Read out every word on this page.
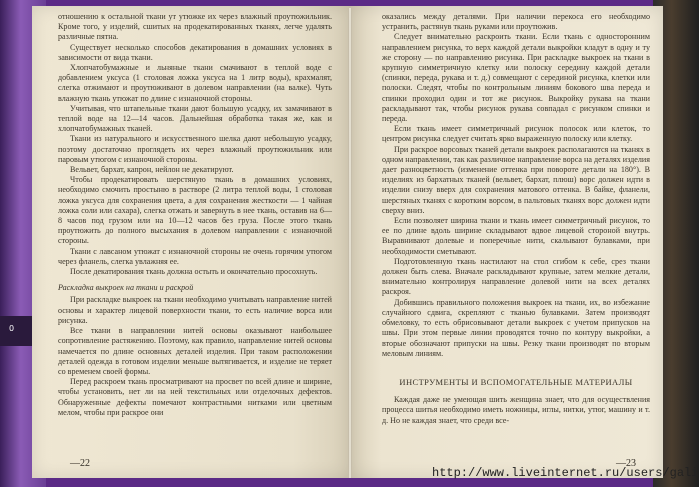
0

отношению к остальной ткани ут утюжке их через влажный проутюжильник. Кроме того, у изделий, сшитых на продекатированных тканях, легче удалять различные пятна.

Существует несколько способов декатирования в домашних условиях в зависимости от вида ткани.

Хлопчатобумажные и льняные ткани смачивают в теплой воде с добавлением уксуса (1 столовая ложка уксуса на 1 литр воды), крахмалят, слегка отжимают и проутюживают в долевом направлении (на валке). Чуть влажную ткань утюжат по длине с изнаночной стороны.

Учитывая, что штапельные ткани дают большую усадку, их замачивают в теплой воде на 12—14 часов. Дальнейшая обработка такая же, как и хлопчатобумажных тканей.

Ткани из натурального и искусственного шелка дают небольшую усадку, поэтому достаточно проглядеть их через влажный проутюжильник или паровым утюгом с изнаночной стороны.

Вельвет, бархат, капрон, нейлон не декатируют.

Чтобы продекатировать шерстяную ткань в домашних условиях, необходимо смочить простыню в растворе (2 литра теплой воды, 1 столовая ложка уксуса для сохранения цвета, а для сохранения жесткости — 1 чайная ложка соли или сахара), слегка отжать и завернуть в нее ткань, оставив на 6—8 часов под грузом или на 10—12 часов без груза. После этого ткань проутюжить до полного высыхания в долевом направлении с изнаночной стороны.

Ткани с лавсаном утюжат с изнаночной стороны не очень горячим утюгом через фланель, слегка увлажняя ее.

После декатирования ткань должна остыть и окончательно просохнуть.

Раскладка выкроек на ткани и раскрой

При раскладке выкроек на ткани необходимо учитывать направление нитей основы и характер лицевой поверхности ткани, то есть наличие ворса или рисунка.

Все ткани в направлении нитей основы оказывают наибольшее сопротивление растяжению. Поэтому, как правило, направление нитей основы намечается по длине основных деталей изделия. При таком расположении деталей одежда в готовом изделии меньше вытягивается, и изделие не теряет со временем своей формы.

Перед раскроем ткань просматривают на просвет по всей длине и ширине, чтобы установить, нет ли на ней текстильных или отделочных дефектов. Обнаруженные дефекты помечают контрастными нитками или цветным мелом, чтобы при раскрое они

оказались между деталями. При наличии перекоса его необходимо устранить, растянув ткань руками или проутюжив.

Следует внимательно раскроить ткани. Если ткань с односторонним направлением рисунка, то верх каждой детали выкройки кладут в одну и ту же сторону — по направлению рисунка. При раскладке выкроек на ткани в крупную симметричную клетку или полоску середину каждой детали (спинки, переда, рукава и т. д.) совмещают с серединой рисунка, клетки или полоски. Следят, чтобы по контрольным линиям бокового шва переда и спинки проходил один и тот же рисунок. Выкройку рукава на ткани раскладывают так, чтобы рисунок рукава совпадал с рисунком спинки и переда.

Если ткань имеет симметричный рисунок полосок или клеток, то центром рисунка следует считать ярко выраженную полоску или клетку.

При раскрое ворсовых тканей детали выкроек располагаются на тканях в одном направлении, так как различное направление ворса на деталях изделия дает разноцветность (изменение оттенка при повороте детали на 180°). В изделиях из бархатных тканей (вельвет, бархат, плюш) ворс должен идти в изделии снизу вверх для сохранения матового оттенка. В байке, фланели, шерстяных тканях с коротким ворсом, в пальтовых тканях ворс должен идти сверху вниз.

Если позволяет ширина ткани и ткань имеет симметричный рисунок, то ее по длине вдоль ширине складывают вдвое лицевой стороной внутрь. Выравнивают долевые и поперечные нити, скалывают булавками, при необходимости сметывают.

Подготовленную ткань настилают на стол сгибом к себе, срез ткани должен быть слева. Вначале раскладывают крупные, затем мелкие детали, внимательно контролируя направление долевой нити на всех деталях раскроя.

Добившись правильного положения выкроек на ткани, их, во избежание случайного сдвига, скрепляют с тканью булавками. Затем производят обмеловку, то есть обрисовывают детали выкроек с учетом припусков на швы. При этом первые линии проводятся точно по контуру выкройки, а вторые обозначают припуски на швы. Резку ткани производят по вторым меловым линиям.

ИНСТРУМЕНТЫ И ВСПОМОГАТЕЛЬНЫЕ МАТЕРИАЛЫ

Каждая даже не умеющая шить женщина знает, что для осуществления процесса шитья необходимо иметь ножницы, иглы, нитки, утюг, машину и т. д. Но не каждая знает, что среди все-

—22	—23
http://www.liveinternet.ru/users/gali
